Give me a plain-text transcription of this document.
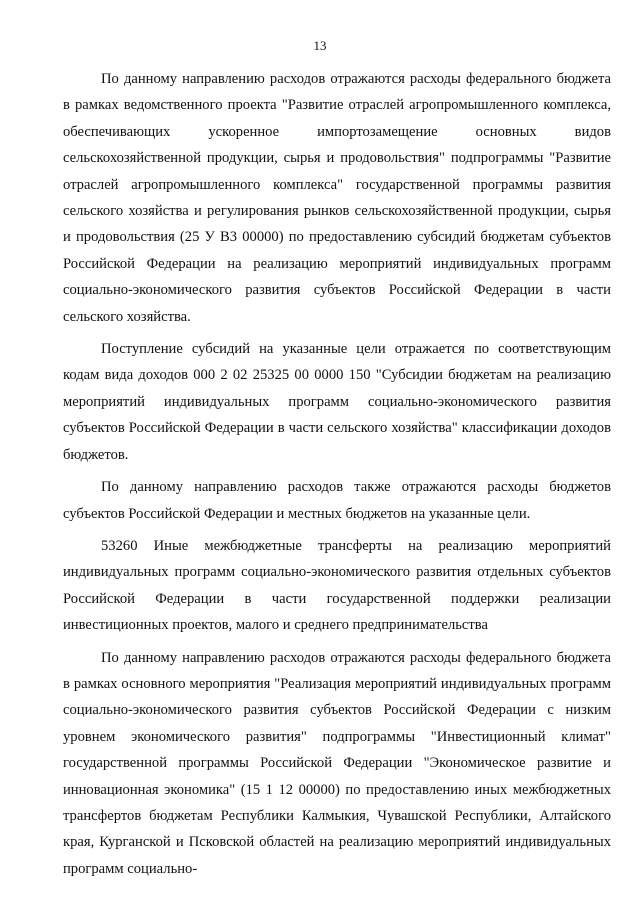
13

По данному направлению расходов отражаются расходы федерального бюджета в рамках ведомственного проекта "Развитие отраслей агропромышленного комплекса, обеспечивающих ускоренное импортозамещение основных видов сельскохозяйственной продукции, сырья и продовольствия" подпрограммы "Развитие отраслей агропромышленного комплекса" государственной программы развития сельского хозяйства и регулирования рынков сельскохозяйственной продукции, сырья и продовольствия (25 У В3 00000) по предоставлению субсидий бюджетам субъектов Российской Федерации на реализацию мероприятий индивидуальных программ социально-экономического развития субъектов Российской Федерации в части сельского хозяйства.

Поступление субсидий на указанные цели отражается по соответствующим кодам вида доходов 000 2 02 25325 00 0000 150 "Субсидии бюджетам на реализацию мероприятий индивидуальных программ социально-экономического развития субъектов Российской Федерации в части сельского хозяйства" классификации доходов бюджетов.

По данному направлению расходов также отражаются расходы бюджетов субъектов Российской Федерации и местных бюджетов на указанные цели.

53260 Иные межбюджетные трансферты на реализацию мероприятий индивидуальных программ социально-экономического развития отдельных субъектов Российской Федерации в части государственной поддержки реализации инвестиционных проектов, малого и среднего предпринимательства

По данному направлению расходов отражаются расходы федерального бюджета в рамках основного мероприятия "Реализация мероприятий индивидуальных программ социально-экономического развития субъектов Российской Федерации с низким уровнем экономического развития" подпрограммы "Инвестиционный климат" государственной программы Российской Федерации "Экономическое развитие и инновационная экономика" (15 1 12 00000) по предоставлению иных межбюджетных трансфертов бюджетам Республики Калмыкия, Чувашской Республики, Алтайского края, Курганской и Псковской областей на реализацию мероприятий индивидуальных программ социально-
